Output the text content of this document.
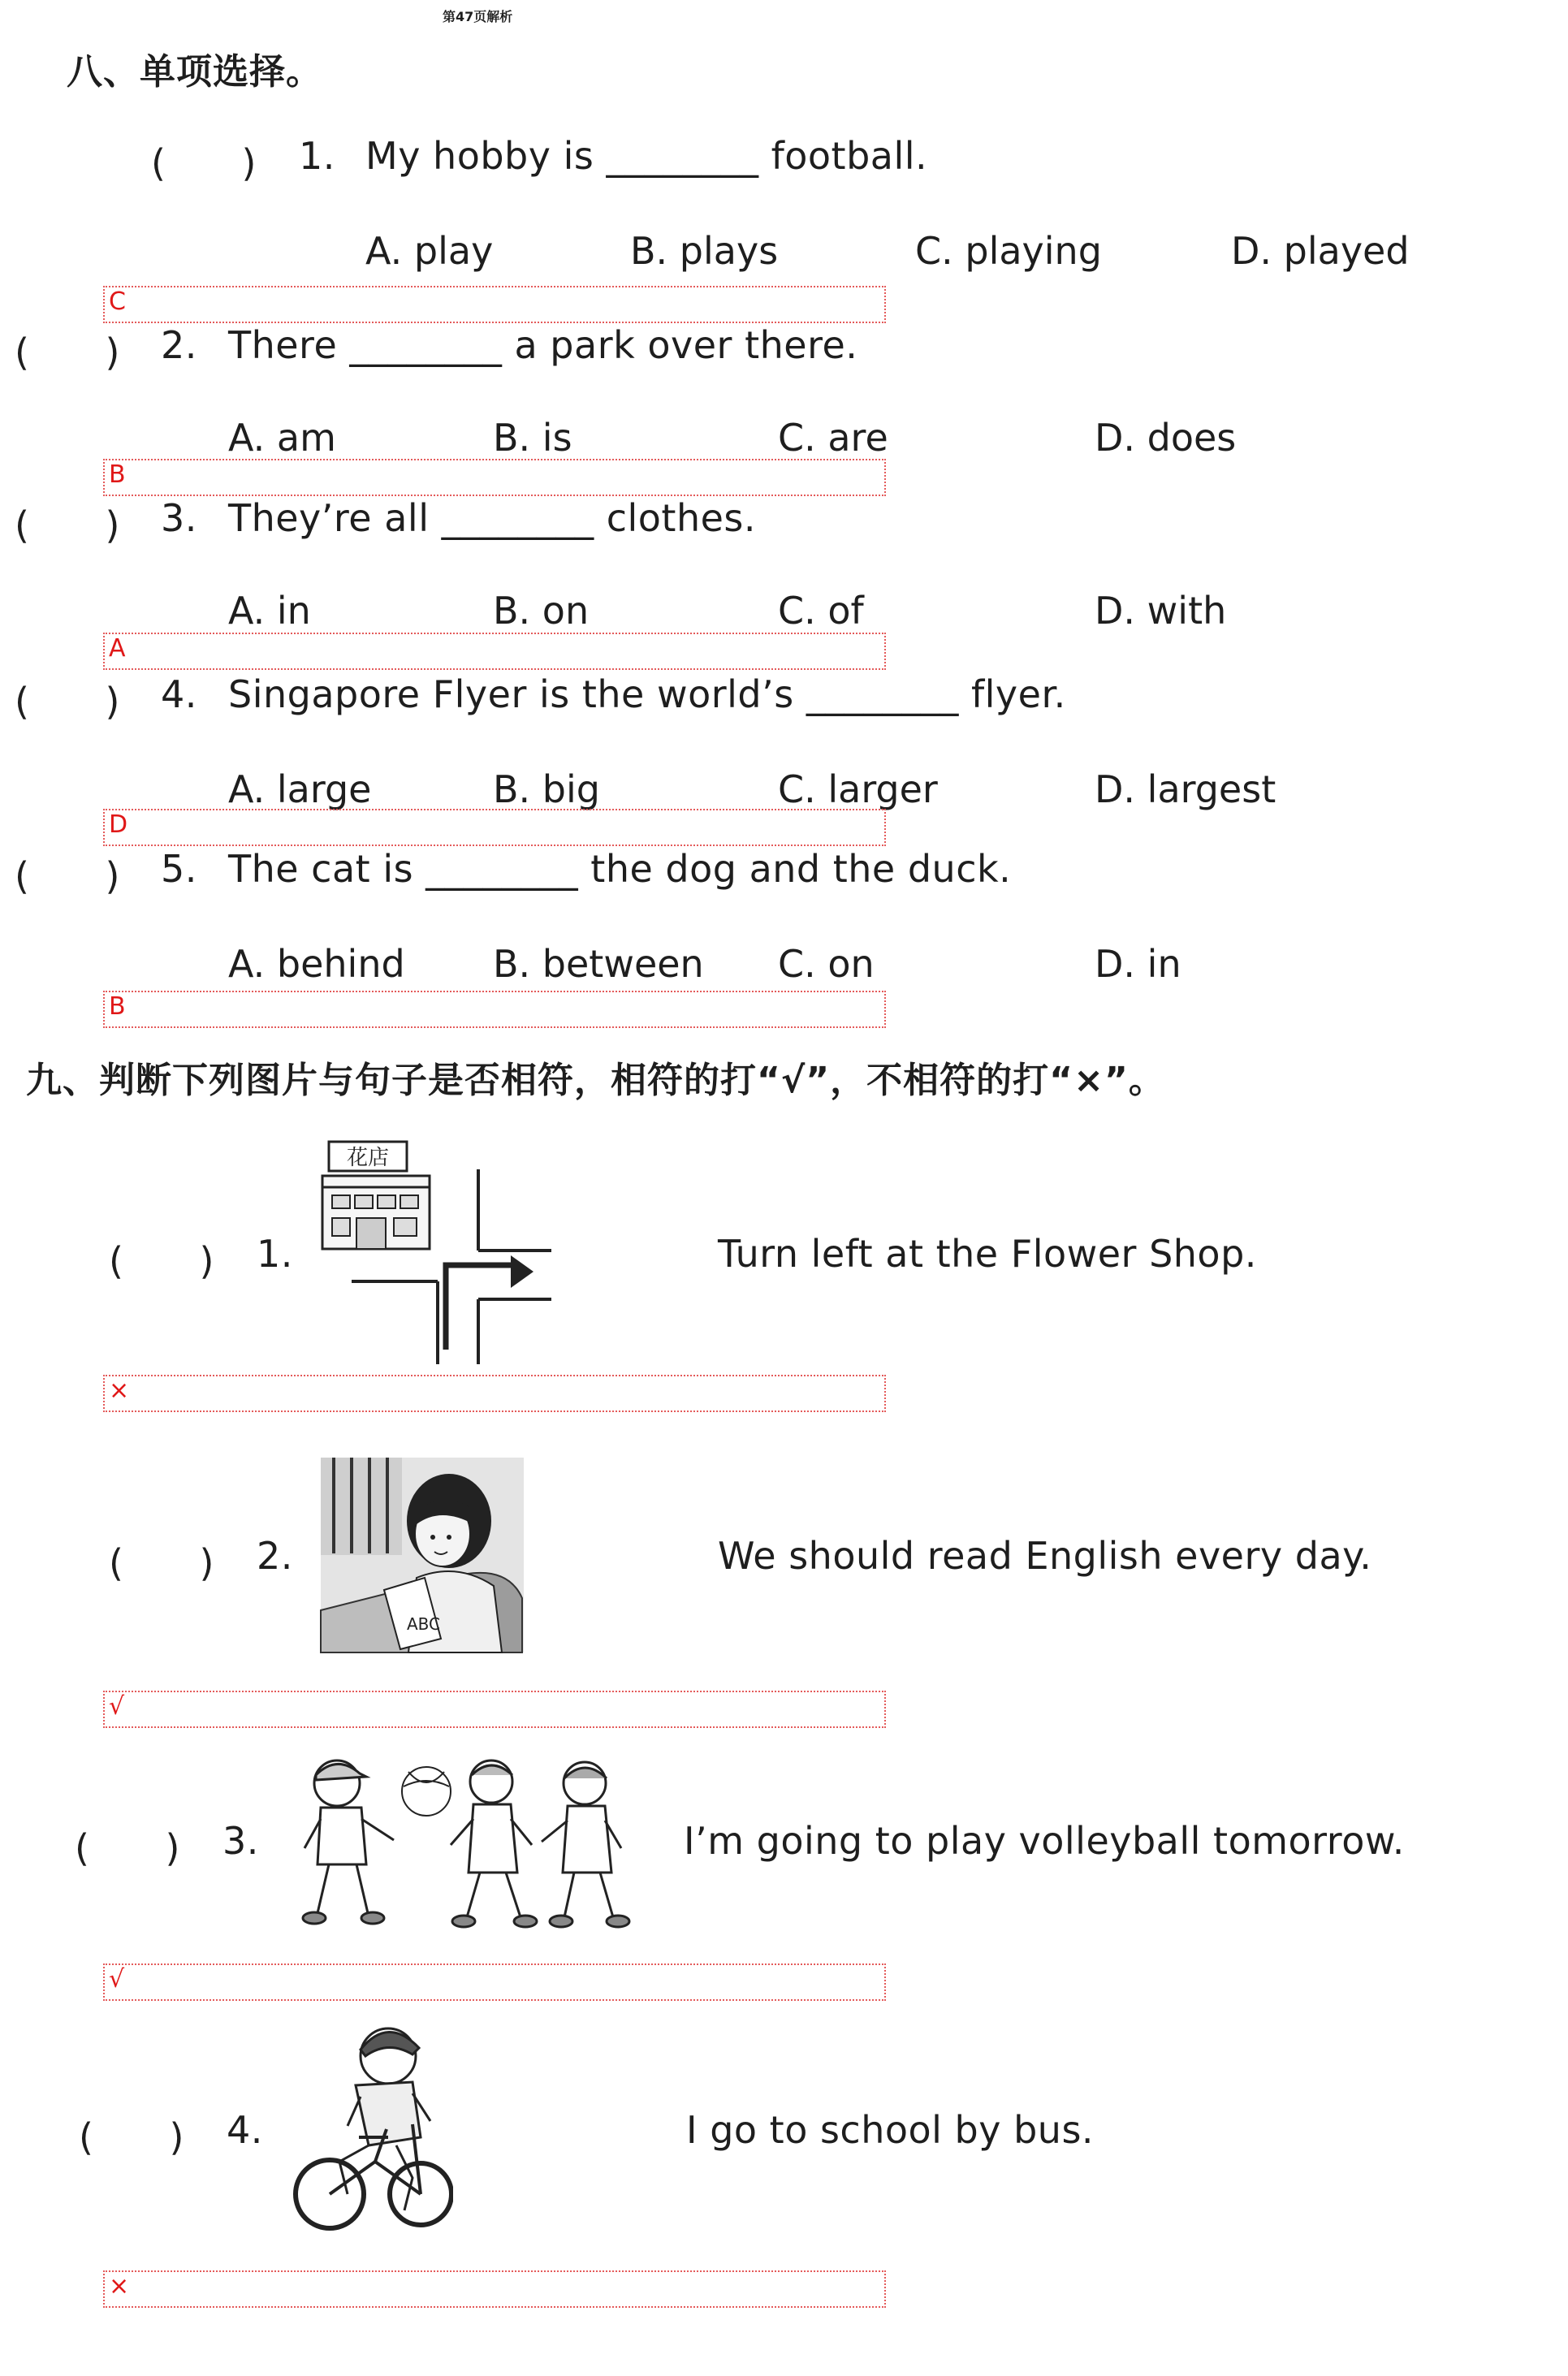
第47页解析
八、单项选择。
(　　) 1. My hobby is ________ football.
A. play	B. plays	C. playing	D. played
C
(　　) 2. There ________ a park over there.
A. am	B. is	C. are	D. does
B
(　　) 3. They’re all ________ clothes.
A. in	B. on	C. of	D. with
A
(　　) 4. Singapore Flyer is the world’s ________ flyer.
A. large	B. big	C. larger	D. largest
D
(　　) 5. The cat is ________ the dog and the duck.
A. behind B. between C. on	D. in
B
九、判断下列图片与句子是否相符，相符的打“√”，不相符的打“×”。
(　　) 1.
花店
Turn left at the Flower Shop.
×
(　　) 2.
ABC
We should read English every day.
√
(　　) 3.	I’m going to play volleyball tomorrow.
√
(　　) 4.	I go to school by bus.
×
